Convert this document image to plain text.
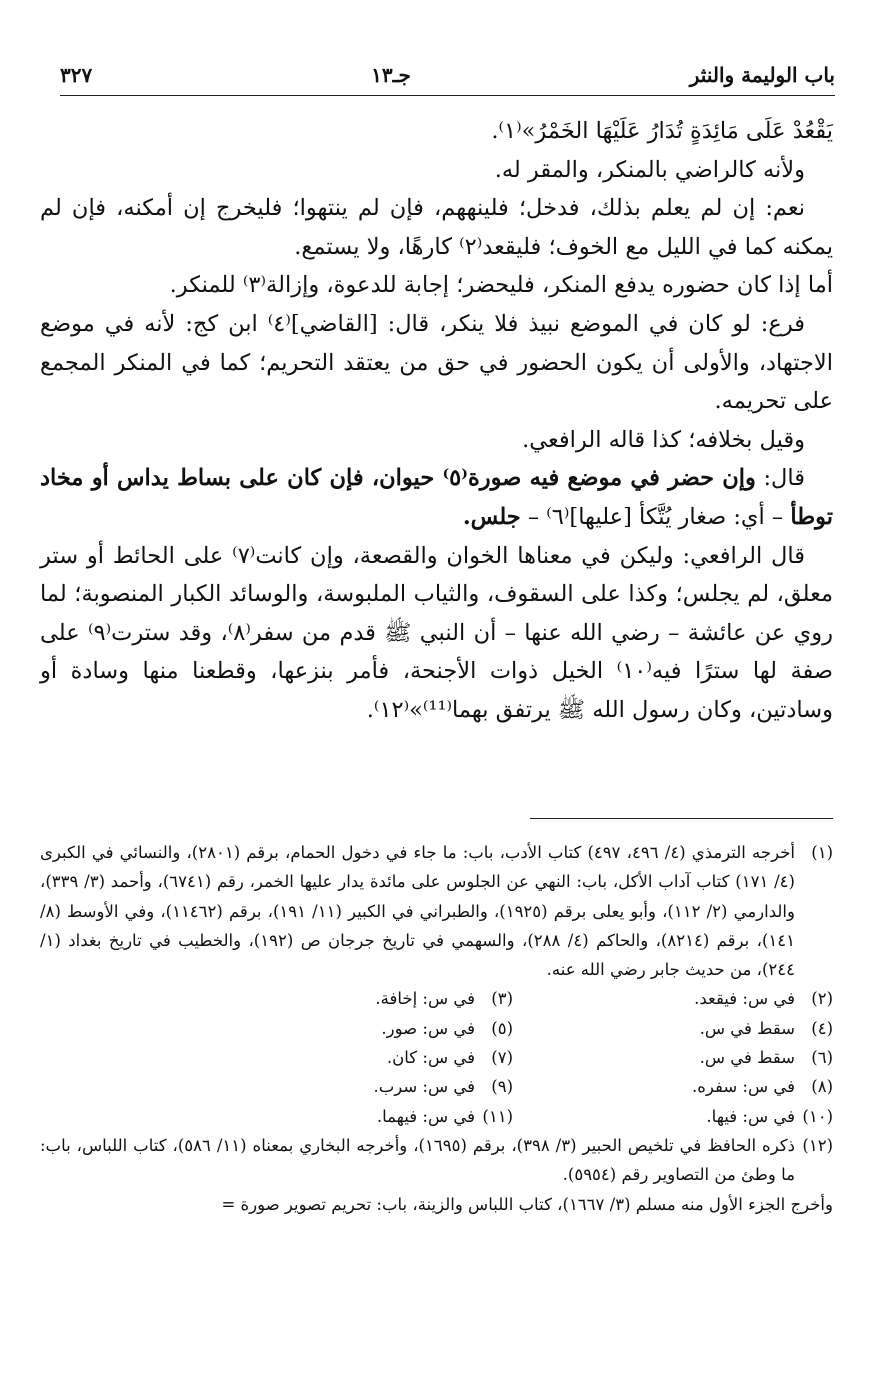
باب الوليمة والنثر
جـ١٣
٣٢٧

يَقْعُدْ عَلَى مَائِدَةٍ تُدَارُ عَلَيْهَا الخَمْرُ»⁽١⁾.

ولأنه كالراضي بالمنكر، والمقر له.

نعم: إن لم يعلم بذلك، فدخل؛ فلينههم، فإن لم ينتهوا؛ فليخرج إن أمكنه، فإن لم يمكنه كما في الليل مع الخوف؛ فليقعد⁽٢⁾ كارهًا، ولا يستمع.

أما إذا كان حضوره يدفع المنكر، فليحضر؛ إجابة للدعوة، وإزالة⁽٣⁾ للمنكر.

فرع: لو كان في الموضع نبيذ فلا ينكر، قال: [القاضي]⁽٤⁾ ابن كج: لأنه في موضع الاجتهاد، والأولى أن يكون الحضور في حق من يعتقد التحريم؛ كما في المنكر المجمع على تحريمه.

وقيل بخلافه؛ كذا قاله الرافعي.

قال: وإن حضر في موضع فيه صورة⁽٥⁾ حيوان، فإن كان على بساط يداس أو مخاد توطأ – أي: صغار يُتَّكأ [عليها]⁽٦⁾ – جلس.

قال الرافعي: وليكن في معناها الخوان والقصعة، وإن كانت⁽٧⁾ على الحائط أو ستر معلق، لم يجلس؛ وكذا على السقوف، والثياب الملبوسة، والوسائد الكبار المنصوبة؛ لما روي عن عائشة – رضي الله عنها – أن النبي ﷺ قدم من سفر⁽٨⁾، وقد سترت⁽٩⁾ على صفة لها سترًا فيه⁽١٠⁾ الخيل ذوات الأجنحة، فأمر بنزعها، وقطعنا منها وسادة أو وسادتين، وكان رسول الله ﷺ يرتفق بهما⁽¹¹⁾»⁽١٢⁾.

(١)
أخرجه الترمذي (٤/ ٤٩٦، ٤٩٧) كتاب الأدب، باب: ما جاء في دخول الحمام، برقم (٢٨٠١)، والنسائي في الكبرى (٤/ ١٧١) كتاب آداب الأكل، باب: النهي عن الجلوس على مائدة يدار عليها الخمر، رقم (٦٧٤١)، وأحمد (٣/ ٣٣٩)، والدارمي (٢/ ١١٢)، وأبو يعلى برقم (١٩٢٥)، والطبراني في الكبير (١١/ ١٩١)، برقم (١١٤٦٢)، وفي الأوسط (٨/ ١٤١)، برقم (٨٢١٤)، والحاكم (٤/ ٢٨٨)، والسهمي في تاريخ جرجان ص (١٩٢)، والخطيب في تاريخ بغداد (١/ ٢٤٤)، من حديث جابر رضي الله عنه.
(٢)
في س: فيقعد.
(٣)
في س: إخافة.
(٤)
سقط في س.
(٥)
في س: صور.
(٦)
سقط في س.
(٧)
في س: كان.
(٨)
في س: سفره.
(٩)
في س: سرب.
(١٠)
في س: فيها.
(١١)
في س: فيهما.
(١٢)
ذكره الحافظ في تلخيص الحبير (٣/ ٣٩٨)، برقم (١٦٩٥)، وأخرجه البخاري بمعناه (١١/ ٥٨٦)، كتاب اللباس، باب: ما وطئ من التصاوير رقم (٥٩٥٤).
وأخرج الجزء الأول منه مسلم (٣/ ١٦٦٧)، كتاب اللباس والزينة، باب: تحريم تصوير صورة =
